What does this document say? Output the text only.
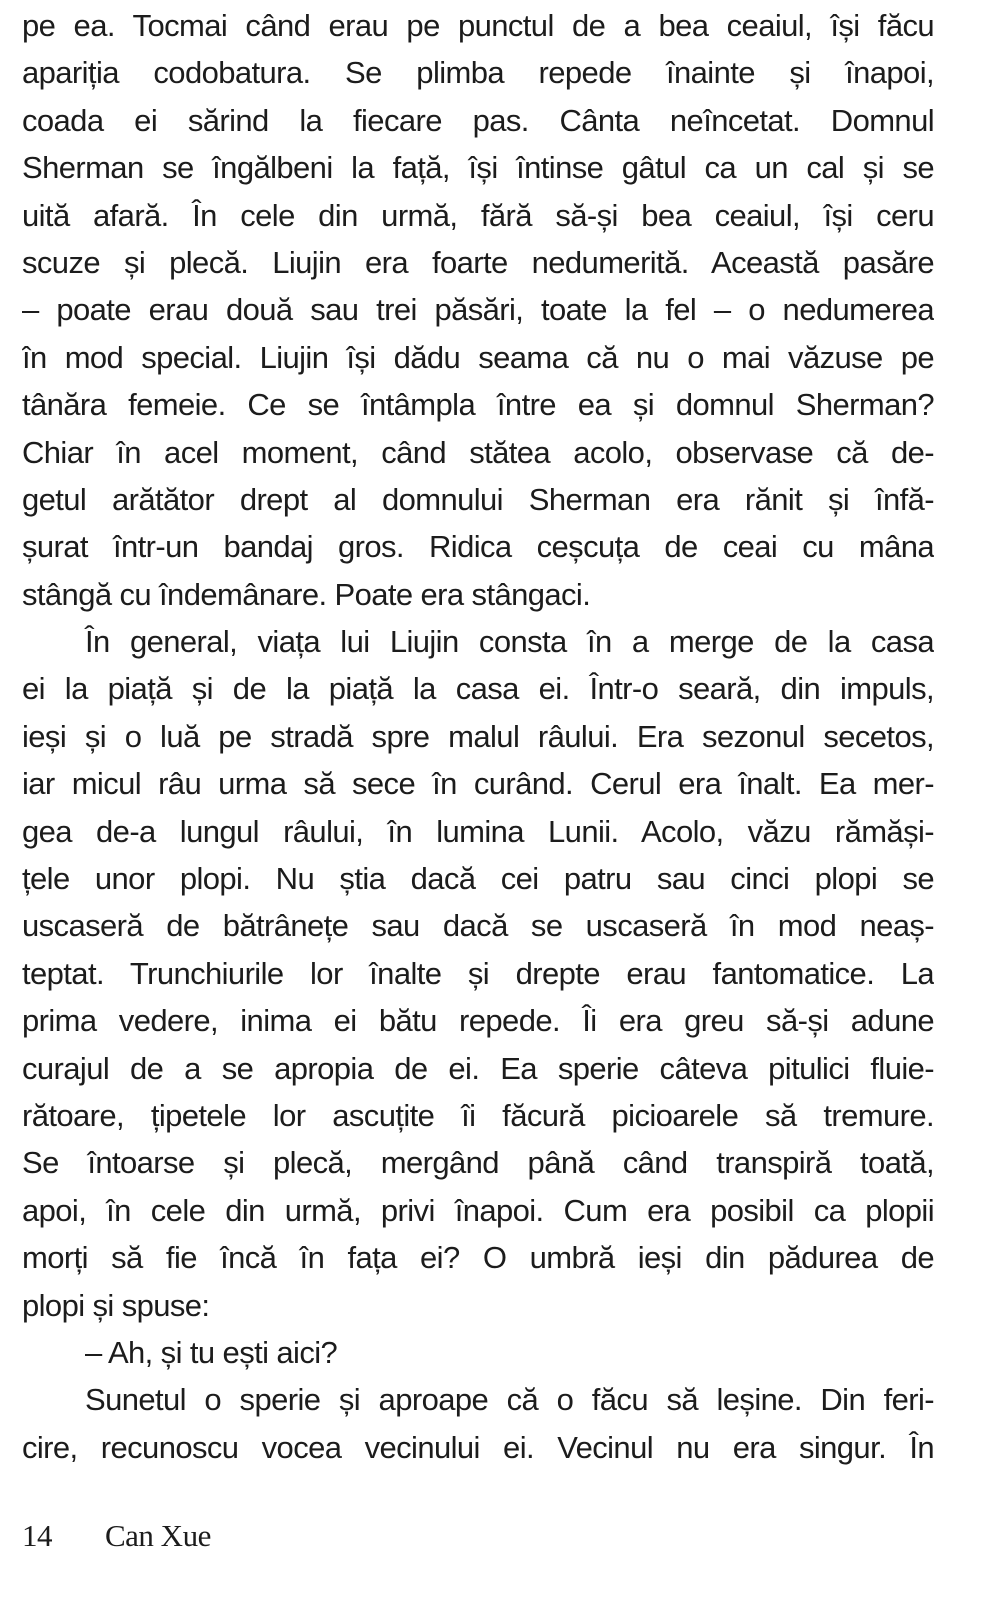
pe ea. Tocmai când erau pe punctul de a bea ceaiul, își făcu
apariția codobatura. Se plimba repede înainte și înapoi,
coada ei sărind la fiecare pas. Cânta neîncetat. Domnul
Sherman se îngălbeni la față, își întinse gâtul ca un cal și se
uită afară. În cele din urmă, fără să-și bea ceaiul, își ceru
scuze și plecă. Liujin era foarte nedumerită. Această pasăre
– poate erau două sau trei păsări, toate la fel – o nedumerea
în mod special. Liujin își dădu seama că nu o mai văzuse pe
tânăra femeie. Ce se întâmpla între ea și domnul Sherman?
Chiar în acel moment, când stătea acolo, observase că de-
getul arătător drept al domnului Sherman era rănit și înfă-
șurat într-un bandaj gros. Ridica ceșcuța de ceai cu mâna
stângă cu îndemânare. Poate era stângaci.
În general, viața lui Liujin consta în a merge de la casa
ei la piață și de la piață la casa ei. Într-o seară, din impuls,
ieși și o luă pe stradă spre malul râului. Era sezonul secetos,
iar micul râu urma să sece în curând. Cerul era înalt. Ea mer-
gea de-a lungul râului, în lumina Lunii. Acolo, văzu rămăși-
țele unor plopi. Nu știa dacă cei patru sau cinci plopi se
uscaseră de bătrânețe sau dacă se uscaseră în mod neaș-
teptat. Trunchiurile lor înalte și drepte erau fantomatice. La
prima vedere, inima ei bătu repede. Îi era greu să-și adune
curajul de a se apropia de ei. Ea sperie câteva pitulici fluie-
rătoare, țipetele lor ascuțite îi făcură picioarele să tremure.
Se întoarse și plecă, mergând până când transpiră toată,
apoi, în cele din urmă, privi înapoi. Cum era posibil ca plopii
morți să fie încă în fața ei? O umbră ieși din pădurea de
plopi și spuse:
– Ah, și tu ești aici?
Sunetul o sperie și aproape că o făcu să leșine. Din feri-
cire, recunoscu vocea vecinului ei. Vecinul nu era singur. În
14 Can Xue
